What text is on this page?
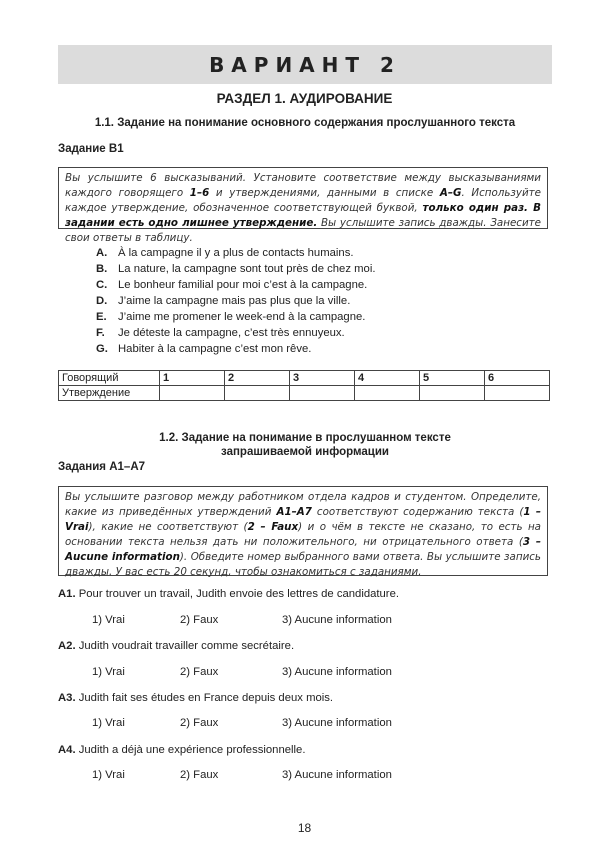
ВАРИАНТ 2
РАЗДЕЛ 1. АУДИРОВАНИЕ
1.1. Задание на понимание основного содержания прослушанного текста
Задание B1
Вы услышите 6 высказываний. Установите соответствие между высказываниями каждого говорящего 1–6 и утверждениями, данными в списке A–G. Используйте каждое утверждение, обозначенное соответствующей буквой, только один раз. В задании есть одно лишнее утверждение. Вы услышите запись дважды. Занесите свои ответы в таблицу.
A. À la campagne il y a plus de contacts humains.
B. La nature, la campagne sont tout près de chez moi.
C. Le bonheur familial pour moi c’est à la campagne.
D. J’aime la campagne mais pas plus que la ville.
E.	J’aime me promener le week-end à la campagne.
F.	Je déteste la campagne, c’est très ennuyeux.
G. Habiter à la campagne c’est mon rêve.
Говорящий	1	2	3	4	5	6
Утверждение						
1.2. Задание на понимание в прослушанном тексте
запрашиваемой информации
Задания A1–A7
Вы услышите разговор между работником отдела кадров и студентом. Определите, какие из приведённых утверждений A1–A7 соответствуют содержанию текста (1 – Vrai), какие не соответствуют (2 – Faux) и о чём в тексте не сказано, то есть на основании текста нельзя дать ни положительного, ни отрицательного ответа (3 – Aucune information). Обведите номер выбранного вами ответа. Вы услышите запись дважды. У вас есть 20 секунд, чтобы ознакомиться с заданиями.
A1. Pour trouver un travail, Judith envoie des lettres de candidature.
1) Vrai	2) Faux	3) Aucune information
A2. Judith voudrait travailler comme secrétaire.
1) Vrai	2) Faux	3) Aucune information
A3. Judith fait ses études en France depuis deux mois.
1) Vrai	2) Faux	3) Aucune information
A4. Judith a déjà une expérience professionnelle.
1) Vrai	2) Faux	3) Aucune information
18
